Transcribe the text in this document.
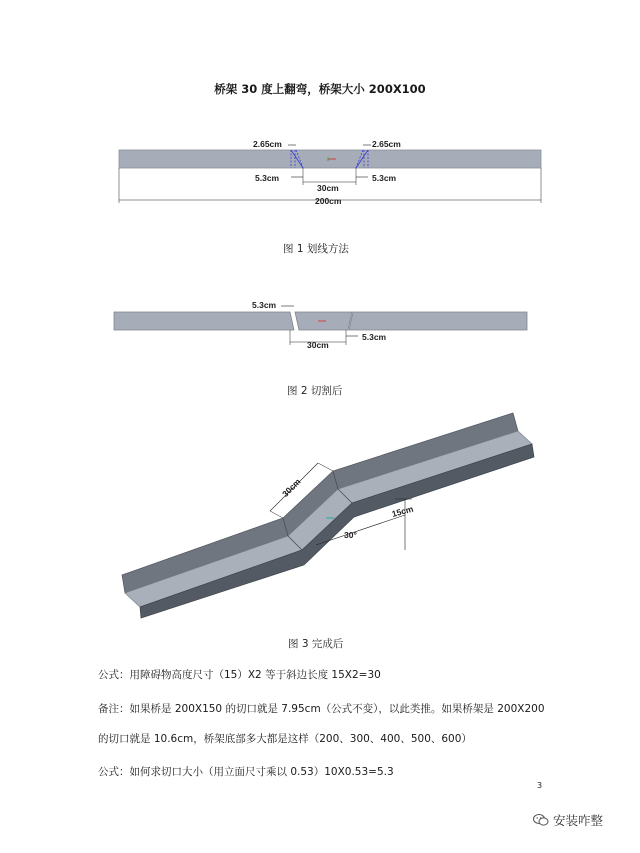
桥架 30 度上翻弯，桥架大小 200X100
2.65cm	2.65cm
5.3cm	5.3cm
30cm
200cm
图 1 划线方法
5.3cm
30cm
5.3cm
图 2 切割后
30cm
15cm
30°
图 3 完成后
公式：用障碍物高度尺寸（15）X2 等于斜边长度 15X2=30
备注：如果桥是 200X150 的切口就是 7.95cm（公式不变），以此类推。如果桥架是 200X200
的切口就是 10.6cm，桥架底部多大都是这样（200、300、400、500、600）
公式：如何求切口大小（用立面尺寸乘以 0.53）10X0.53=5.3
3
安装咋整
